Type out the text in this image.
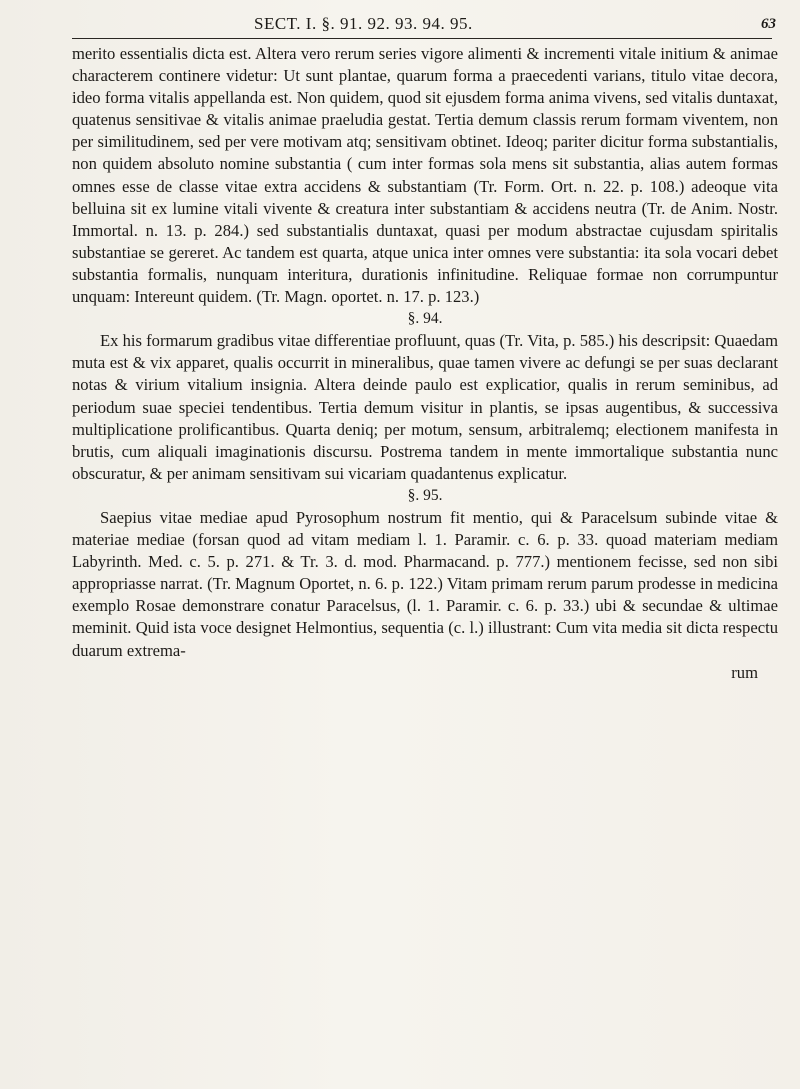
SECT. I. §. 91. 92. 93. 94. 95.	63

merito essentialis dicta est. Altera vero rerum series vigore alimenti & incrementi vitale initium & animae characterem continere videtur: Ut sunt plantae, quarum forma a praecedenti varians, titulo vitae decora, ideo forma vitalis appellanda est. Non quidem, quod sit ejusdem forma anima vivens, sed vitalis duntaxat, quatenus sensitivae & vitalis animae praeludia gestat. Tertia demum classis rerum formam viventem, non per similitudinem, sed per vere motivam atq; sensitivam obtinet. Ideoq; pariter dicitur forma substantialis, non quidem absoluto nomine substantia ( cum inter formas sola mens sit substantia, alias autem formas omnes esse de classe vitae extra accidens & substantiam (Tr. Form. Ort. n. 22. p. 108.) adeoque vita belluina sit ex lumine vitali vivente & creatura inter substantiam & accidens neutra (Tr. de Anim. Nostr. Immortal. n. 13. p. 284.) sed substantialis duntaxat, quasi per modum abstractae cujusdam spiritalis substantiae se gereret. Ac tandem est quarta, atque unica inter omnes vere substantia: ita sola vocari debet substantia formalis, nunquam interitura, durationis infinitudine. Reliquae formae non corrumpuntur unquam: Intereunt quidem. (Tr. Magn. oportet. n. 17. p. 123.)

§. 94.

Ex his formarum gradibus vitae differentiae profluunt, quas (Tr. Vita, p. 585.) his descripsit: Quaedam muta est & vix apparet, qualis occurrit in mineralibus, quae tamen vivere ac defungi se per suas declarant notas & virium vitalium insignia. Altera deinde paulo est explicatior, qualis in rerum seminibus, ad periodum suae speciei tendentibus. Tertia demum visitur in plantis, se ipsas augentibus, & successiva multiplicatione prolificantibus. Quarta deniq; per motum, sensum, arbitralemq; electionem manifesta in brutis, cum aliquali imaginationis discursu. Postrema tandem in mente immortalique substantia nunc obscuratur, & per animam sensitivam sui vicariam quadantenus explicatur.

§. 95.

Saepius vitae mediae apud Pyrosophum nostrum fit mentio, qui & Paracelsum subinde vitae & materiae mediae (forsan quod ad vitam mediam l. 1. Paramir. c. 6. p. 33. quoad materiam mediam Labyrinth. Med. c. 5. p. 271. & Tr. 3. d. mod. Pharmacand. p. 777.) mentionem fecisse, sed non sibi appropriasse narrat. (Tr. Magnum Oportet, n. 6. p. 122.) Vitam primam rerum parum prodesse in medicina exemplo Rosae demonstrare conatur Paracelsus, (l. 1. Paramir. c. 6. p. 33.) ubi & secundae & ultimae meminit. Quid ista voce designet Helmontius, sequentia (c. l.) illustrant: Cum vita media sit dicta respectu duarum extrema-

rum
